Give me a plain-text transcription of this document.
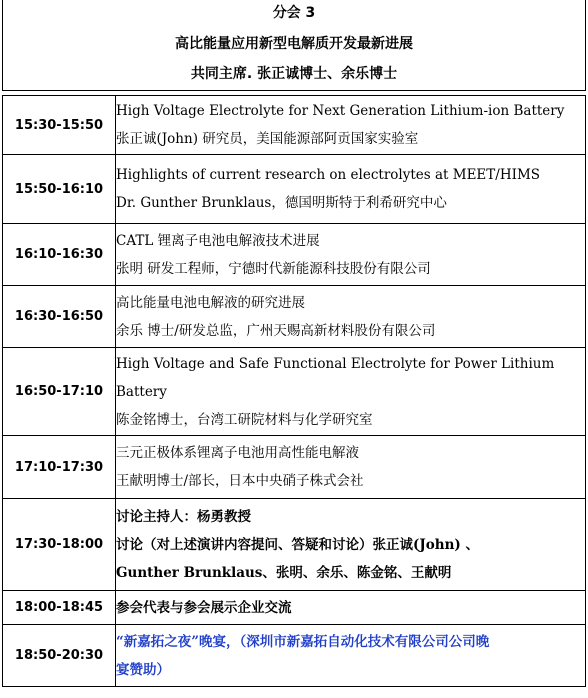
分会 3
高比能量应用新型电解质开发最新进展
共同主席. 张正诚博士、余乐博士
15:30-15:50	High Voltage Electrolyte for Next Generation Lithium-ion Battery
张正诚(John) 研究员，美国能源部阿贡国家实验室

15:50-16:10	Highlights of current research on electrolytes at MEET/HIMS
Dr. Gunther Brunklaus，德国明斯特于利希研究中心

16:10-16:30	CATL 锂离子电池电解液技术进展
张明 研发工程师，宁德时代新能源科技股份有限公司

16:30-16:50	高比能量电池电解液的研究进展
余乐 博士/研发总监，广州天赐高新材料股份有限公司

16:50-17:10	High Voltage and Safe Functional Electrolyte for Power Lithium
Battery
陈金铭博士，台湾工研院材料与化学研究室

17:10-17:30	三元正极体系锂离子电池用高性能电解液
王献明博士/部长，日本中央硝子株式会社

17:30-18:00	讨论主持人：杨勇教授
讨论（对上述演讲内容提问、答疑和讨论）张正诚(John) 、
Gunther Brunklaus、张明、余乐、陈金铭、王献明

18:00-18:45	参会代表与参会展示企业交流

18:50-20:30	“新嘉拓之夜”晚宴，（深圳市新嘉拓自动化技术有限公司公司晚
宴赞助）
